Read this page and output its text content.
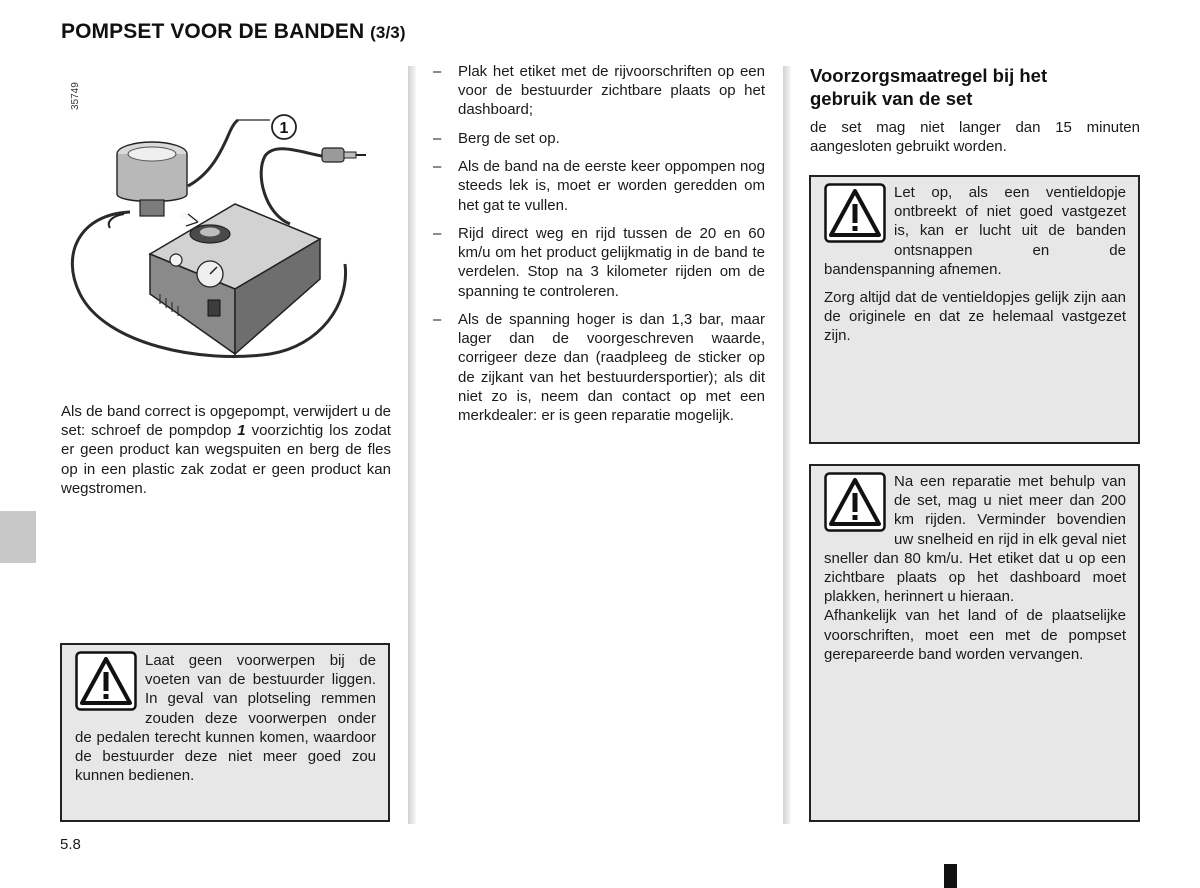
POMPSET VOOR DE BANDEN (3/3)
35749
1
Als de band correct is opgepompt, verwijdert u de set: schroef de pompdop 1 voorzichtig los zodat er geen product kan wegspuiten en berg de fles op in een plastic zak zodat er geen product kan wegstromen.

Laat geen voorwerpen bij de voeten van de bestuurder liggen. In geval van plotseling remmen zouden deze voorwerpen onder de pedalen terecht kunnen komen, waardoor de bestuurder deze niet meer goed zou kunnen bedienen.

– Plak het etiket met de rijvoorschriften op een voor de bestuurder zichtbare plaats op het dashboard;
– Berg de set op.
– Als de band na de eerste keer oppompen nog steeds lek is, moet er worden geredden om het gat te vullen.
– Rijd direct weg en rijd tussen de 20 en 60 km/u om het product gelijkmatig in de band te verdelen. Stop na 3 kilometer rijden om de spanning te controleren.
– Als de spanning hoger is dan 1,3 bar, maar lager dan de voorgeschreven waarde, corrigeer deze dan (raadpleeg de sticker op de zijkant van het bestuurdersportier); als dit niet zo is, neem dan contact op met een merkdealer: er is geen reparatie mogelijk.
Voorzorgsmaatregel bij het gebruik van de set
de set mag niet langer dan 15 minuten aangesloten gebruikt worden.

Let op, als een ventieldopje ontbreekt of niet goed vastgezet is, kan er lucht uit de banden ontsnappen en de bandenspanning afnemen.

Zorg altijd dat de ventieldopjes gelijk zijn aan de originele en dat ze helemaal vastgezet zijn.

Na een reparatie met behulp van de set, mag u niet meer dan 200 km rijden. Verminder bovendien uw snelheid en rijd in elk geval niet sneller dan 80 km/u. Het etiket dat u op een zichtbare plaats op het dashboard moet plakken, herinnert u hieraan.

Afhankelijk van het land of de plaatselijke voorschriften, moet een met de pompset gerepareerde band worden vervangen.

5.8
